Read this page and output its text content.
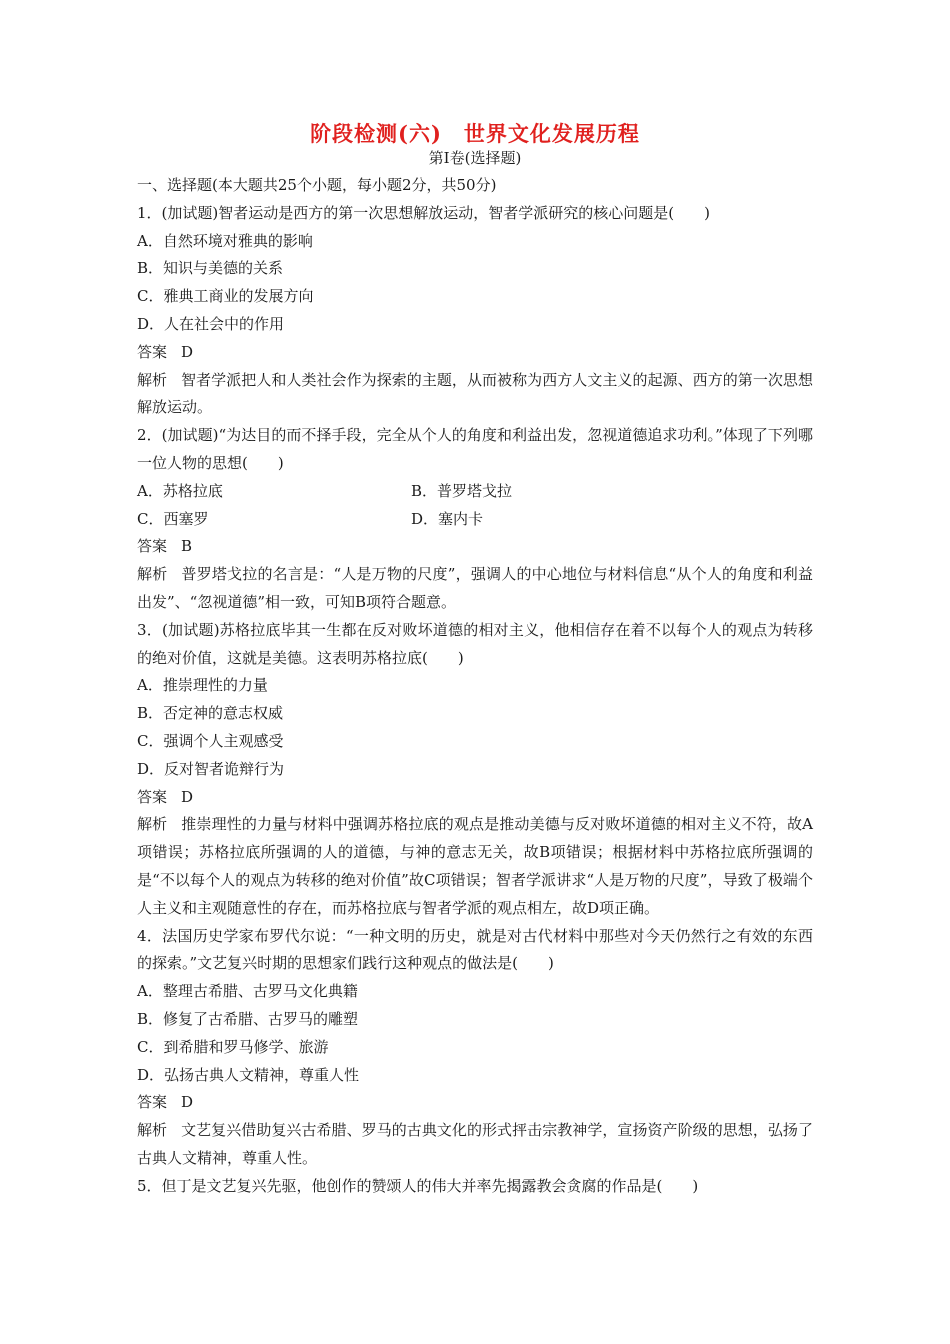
阶段检测(六)　世界文化发展历程
第Ⅰ卷(选择题)

一、选择题(本大题共25个小题，每小题2分，共50分)

1．(加试题)智者运动是西方的第一次思想解放运动，智者学派研究的核心问题是(　　)

A．自然环境对雅典的影响

B．知识与美德的关系

C．雅典工商业的发展方向

D．人在社会中的作用

答案 D

解析 智者学派把人和人类社会作为探索的主题，从而被称为西方人文主义的起源、西方的第一次思想解放运动。

2．(加试题)“为达目的而不择手段，完全从个人的角度和利益出发，忽视道德追求功利。”体现了下列哪一位人物的思想(　　)

A．苏格拉底	B．普罗塔戈拉
C．西塞罗	D．塞内卡

答案 B

解析 普罗塔戈拉的名言是：“人是万物的尺度”，强调人的中心地位与材料信息“从个人的角度和利益出发”、“忽视道德”相一致，可知B项符合题意。

3．(加试题)苏格拉底毕其一生都在反对败坏道德的相对主义，他相信存在着不以每个人的观点为转移的绝对价值，这就是美德。这表明苏格拉底(　　)

A．推崇理性的力量

B．否定神的意志权威

C．强调个人主观感受

D．反对智者诡辩行为

答案 D

解析 推崇理性的力量与材料中强调苏格拉底的观点是推动美德与反对败坏道德的相对主义不符，故A项错误；苏格拉底所强调的人的道德，与神的意志无关，故B项错误；根据材料中苏格拉底所强调的是“不以每个人的观点为转移的绝对价值”故C项错误；智者学派讲求“人是万物的尺度”，导致了极端个人主义和主观随意性的存在，而苏格拉底与智者学派的观点相左，故D项正确。

4．法国历史学家布罗代尔说：“一种文明的历史，就是对古代材料中那些对今天仍然行之有效的东西的探索。”文艺复兴时期的思想家们践行这种观点的做法是(　　)

A．整理古希腊、古罗马文化典籍

B．修复了古希腊、古罗马的雕塑

C．到希腊和罗马修学、旅游

D．弘扬古典人文精神，尊重人性

答案 D

解析 文艺复兴借助复兴古希腊、罗马的古典文化的形式抨击宗教神学，宣扬资产阶级的思想，弘扬了古典人文精神，尊重人性。

5．但丁是文艺复兴先驱，他创作的赞颂人的伟大并率先揭露教会贪腐的作品是(　　)
